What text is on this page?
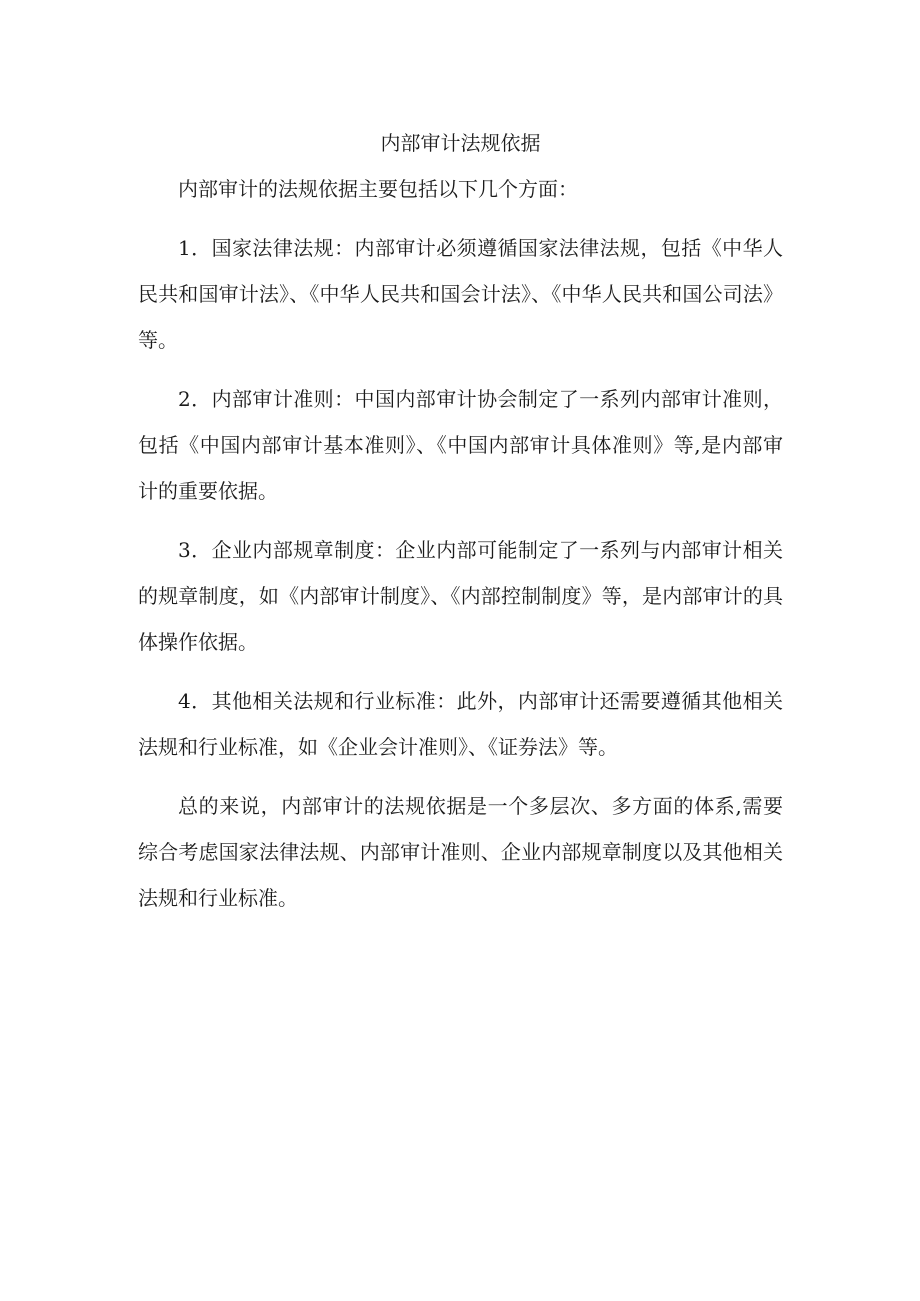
内部审计法规依据

内部审计的法规依据主要包括以下几个方面：

1．国家法律法规：内部审计必须遵循国家法律法规，包括《中华人民共和国审计法》、《中华人民共和国会计法》、《中华人民共和国公司法》等。

2．内部审计准则：中国内部审计协会制定了一系列内部审计准则，包括《中国内部审计基本准则》、《中国内部审计具体准则》等,是内部审计的重要依据。

3．企业内部规章制度：企业内部可能制定了一系列与内部审计相关的规章制度，如《内部审计制度》、《内部控制制度》等，是内部审计的具体操作依据。

4．其他相关法规和行业标准：此外，内部审计还需要遵循其他相关法规和行业标准，如《企业会计准则》、《证券法》等。

总的来说，内部审计的法规依据是一个多层次、多方面的体系,需要综合考虑国家法律法规、内部审计准则、企业内部规章制度以及其他相关法规和行业标准。
